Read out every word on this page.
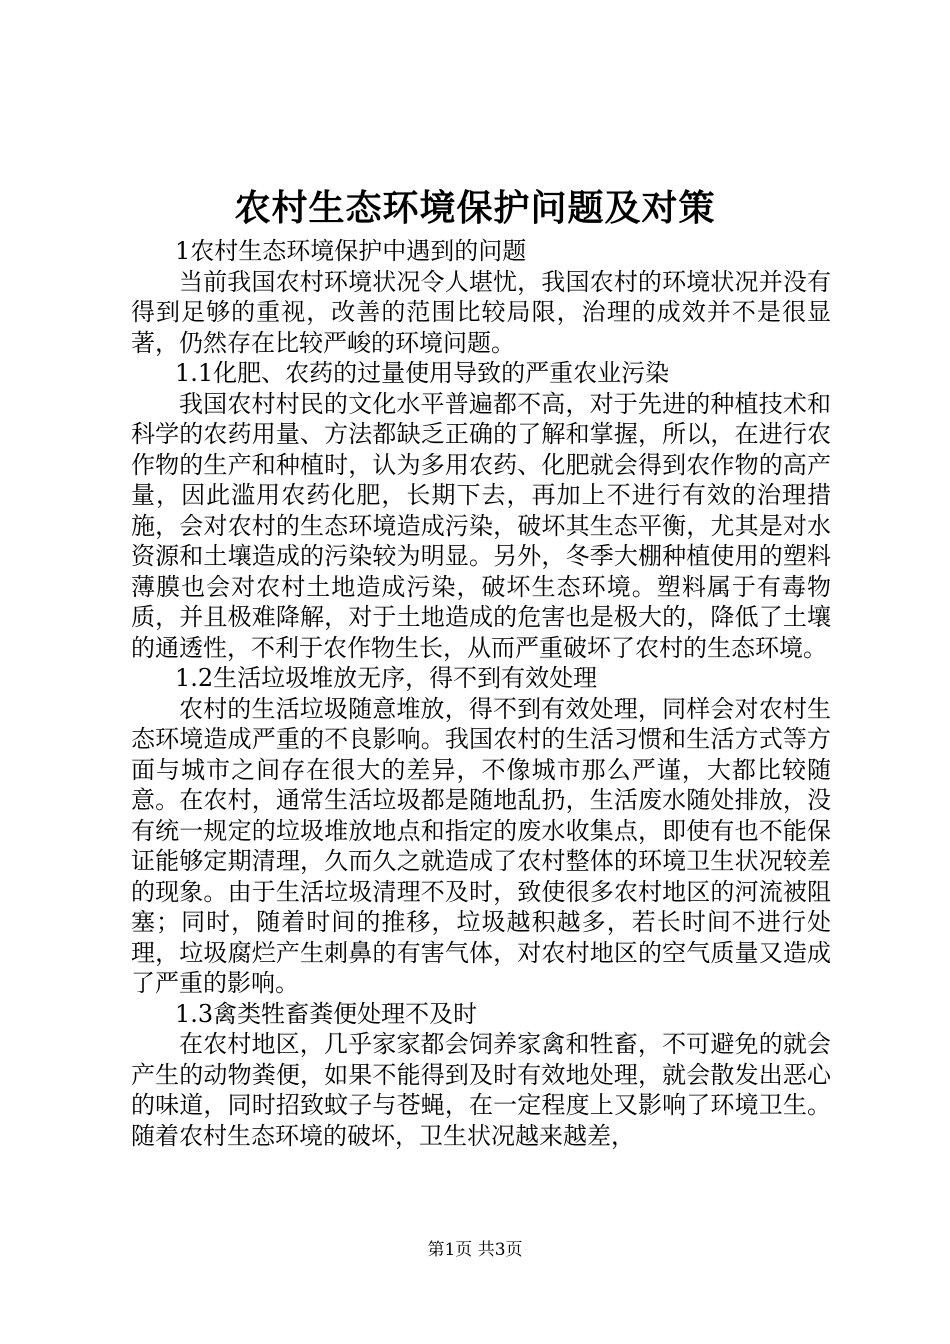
农村生态环境保护问题及对策

1农村生态环境保护中遇到的问题

当前我国农村环境状况令人堪忧，我国农村的环境状况并没有得到足够的重视，改善的范围比较局限，治理的成效并不是很显著，仍然存在比较严峻的环境问题。

1.1化肥、农药的过量使用导致的严重农业污染

我国农村村民的文化水平普遍都不高，对于先进的种植技术和科学的农药用量、方法都缺乏正确的了解和掌握，所以，在进行农作物的生产和种植时，认为多用农药、化肥就会得到农作物的高产量，因此滥用农药化肥，长期下去，再加上不进行有效的治理措施，会对农村的生态环境造成污染，破坏其生态平衡，尤其是对水资源和土壤造成的污染较为明显。另外，冬季大棚种植使用的塑料薄膜也会对农村土地造成污染，破坏生态环境。塑料属于有毒物质，并且极难降解，对于土地造成的危害也是极大的，降低了土壤的通透性，不利于农作物生长，从而严重破坏了农村的生态环境。

1.2生活垃圾堆放无序，得不到有效处理

农村的生活垃圾随意堆放，得不到有效处理，同样会对农村生态环境造成严重的不良影响。我国农村的生活习惯和生活方式等方面与城市之间存在很大的差异，不像城市那么严谨，大都比较随意。在农村，通常生活垃圾都是随地乱扔，生活废水随处排放，没有统一规定的垃圾堆放地点和指定的废水收集点，即使有也不能保证能够定期清理，久而久之就造成了农村整体的环境卫生状况较差的现象。由于生活垃圾清理不及时，致使很多农村地区的河流被阻塞；同时，随着时间的推移，垃圾越积越多，若长时间不进行处理，垃圾腐烂产生刺鼻的有害气体，对农村地区的空气质量又造成了严重的影响。

1.3禽类牲畜粪便处理不及时

在农村地区，几乎家家都会饲养家禽和牲畜，不可避免的就会产生的动物粪便，如果不能得到及时有效地处理，就会散发出恶心的味道，同时招致蚊子与苍蝇，在一定程度上又影响了环境卫生。随着农村生态环境的破坏，卫生状况越来越差，

第1页 共3页
